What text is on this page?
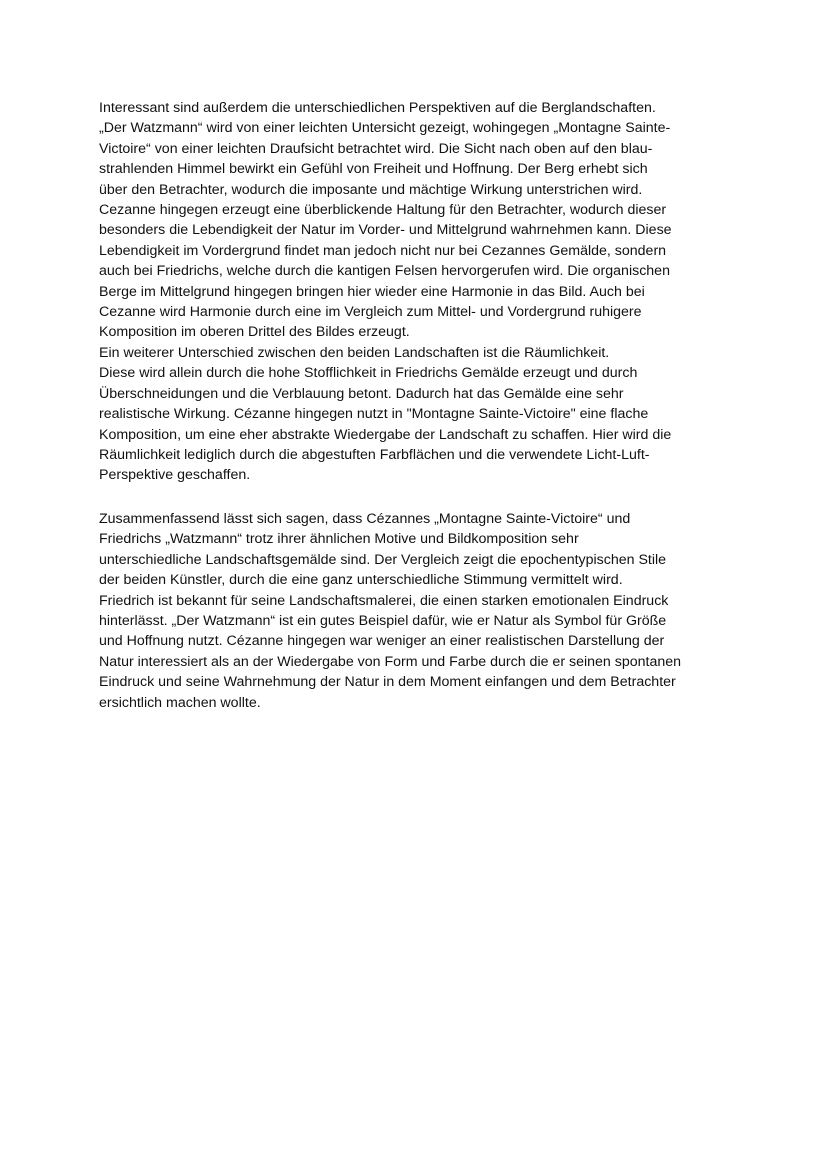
Interessant sind außerdem die unterschiedlichen Perspektiven auf die Berglandschaften.
„Der Watzmann“ wird von einer leichten Untersicht gezeigt, wohingegen „Montagne Sainte-
Victoire“ von einer leichten Draufsicht betrachtet wird. Die Sicht nach oben auf den blau-
strahlenden Himmel bewirkt ein Gefühl von Freiheit und Hoffnung. Der Berg erhebt sich
über den Betrachter, wodurch die imposante und mächtige Wirkung unterstrichen wird.
Cezanne hingegen erzeugt eine überblickende Haltung für den Betrachter, wodurch dieser
besonders die Lebendigkeit der Natur im Vorder- und Mittelgrund wahrnehmen kann. Diese
Lebendigkeit im Vordergrund findet man jedoch nicht nur bei Cezannes Gemälde, sondern
auch bei Friedrichs, welche durch die kantigen Felsen hervorgerufen wird. Die organischen
Berge im Mittelgrund hingegen bringen hier wieder eine Harmonie in das Bild. Auch bei
Cezanne wird Harmonie durch eine im Vergleich zum Mittel- und Vordergrund ruhigere
Komposition im oberen Drittel des Bildes erzeugt.
Ein weiterer Unterschied zwischen den beiden Landschaften ist die Räumlichkeit.
Diese wird allein durch die hohe Stofflichkeit in Friedrichs Gemälde erzeugt und durch
Überschneidungen und die Verblauung betont. Dadurch hat das Gemälde eine sehr
realistische Wirkung. Cézanne hingegen nutzt in "Montagne Sainte-Victoire" eine flache
Komposition, um eine eher abstrakte Wiedergabe der Landschaft zu schaffen. Hier wird die
Räumlichkeit lediglich durch die abgestuften Farbflächen und die verwendete Licht-Luft-
Perspektive geschaffen.
Zusammenfassend lässt sich sagen, dass Cézannes „Montagne Sainte-Victoire“ und
Friedrichs „Watzmann“ trotz ihrer ähnlichen Motive und Bildkomposition sehr
unterschiedliche Landschaftsgemälde sind. Der Vergleich zeigt die epochentypischen Stile
der beiden Künstler, durch die eine ganz unterschiedliche Stimmung vermittelt wird.
Friedrich ist bekannt für seine Landschaftsmalerei, die einen starken emotionalen Eindruck
hinterlässt. „Der Watzmann“ ist ein gutes Beispiel dafür, wie er Natur als Symbol für Größe
und Hoffnung nutzt. Cézanne hingegen war weniger an einer realistischen Darstellung der
Natur interessiert als an der Wiedergabe von Form und Farbe durch die er seinen spontanen
Eindruck und seine Wahrnehmung der Natur in dem Moment einfangen und dem Betrachter
ersichtlich machen wollte.
